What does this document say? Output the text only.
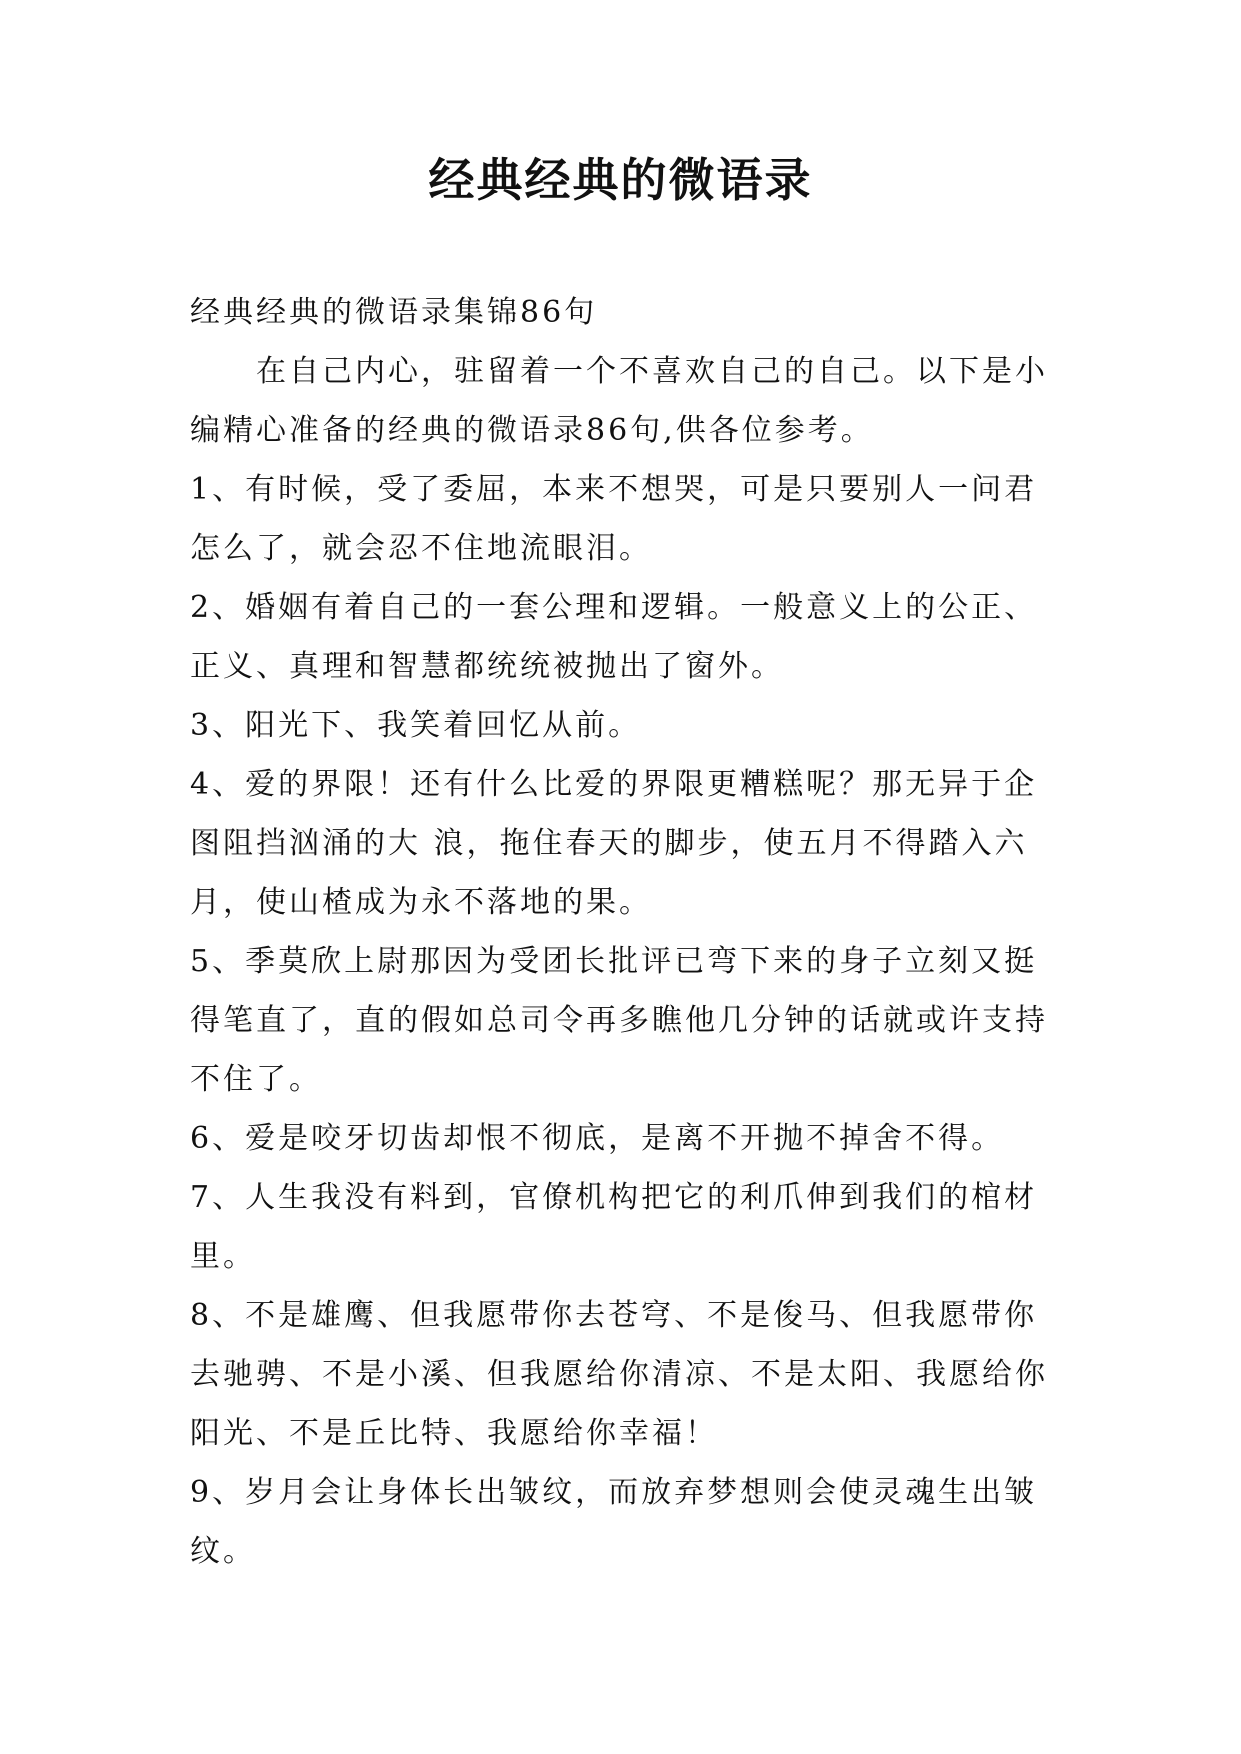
经典经典的微语录

经典经典的微语录集锦86句

在自己内心，驻留着一个不喜欢自己的自己。以下是小编精心准备的经典的微语录86句,供各位参考。

1、有时候，受了委屈，本来不想哭，可是只要别人一问君怎么了，就会忍不住地流眼泪。

2、婚姻有着自己的一套公理和逻辑。一般意义上的公正、正义、真理和智慧都统统被抛出了窗外。

3、阳光下、我笑着回忆从前。

4、爱的界限！还有什么比爱的界限更糟糕呢？那无异于企图阻挡汹涌的大 浪，拖住春天的脚步，使五月不得踏入六月，使山楂成为永不落地的果。

5、季莫欣上尉那因为受团长批评已弯下来的身子立刻又挺得笔直了，直的假如总司令再多瞧他几分钟的话就或许支持不住了。

6、爱是咬牙切齿却恨不彻底，是离不开抛不掉舍不得。

7、人生我没有料到，官僚机构把它的利爪伸到我们的棺材里。

8、不是雄鹰、但我愿带你去苍穹、不是俊马、但我愿带你去驰骋、不是小溪、但我愿给你清凉、不是太阳、我愿给你阳光、不是丘比特、我愿给你幸福！

9、岁月会让身体长出皱纹，而放弃梦想则会使灵魂生出皱纹。
